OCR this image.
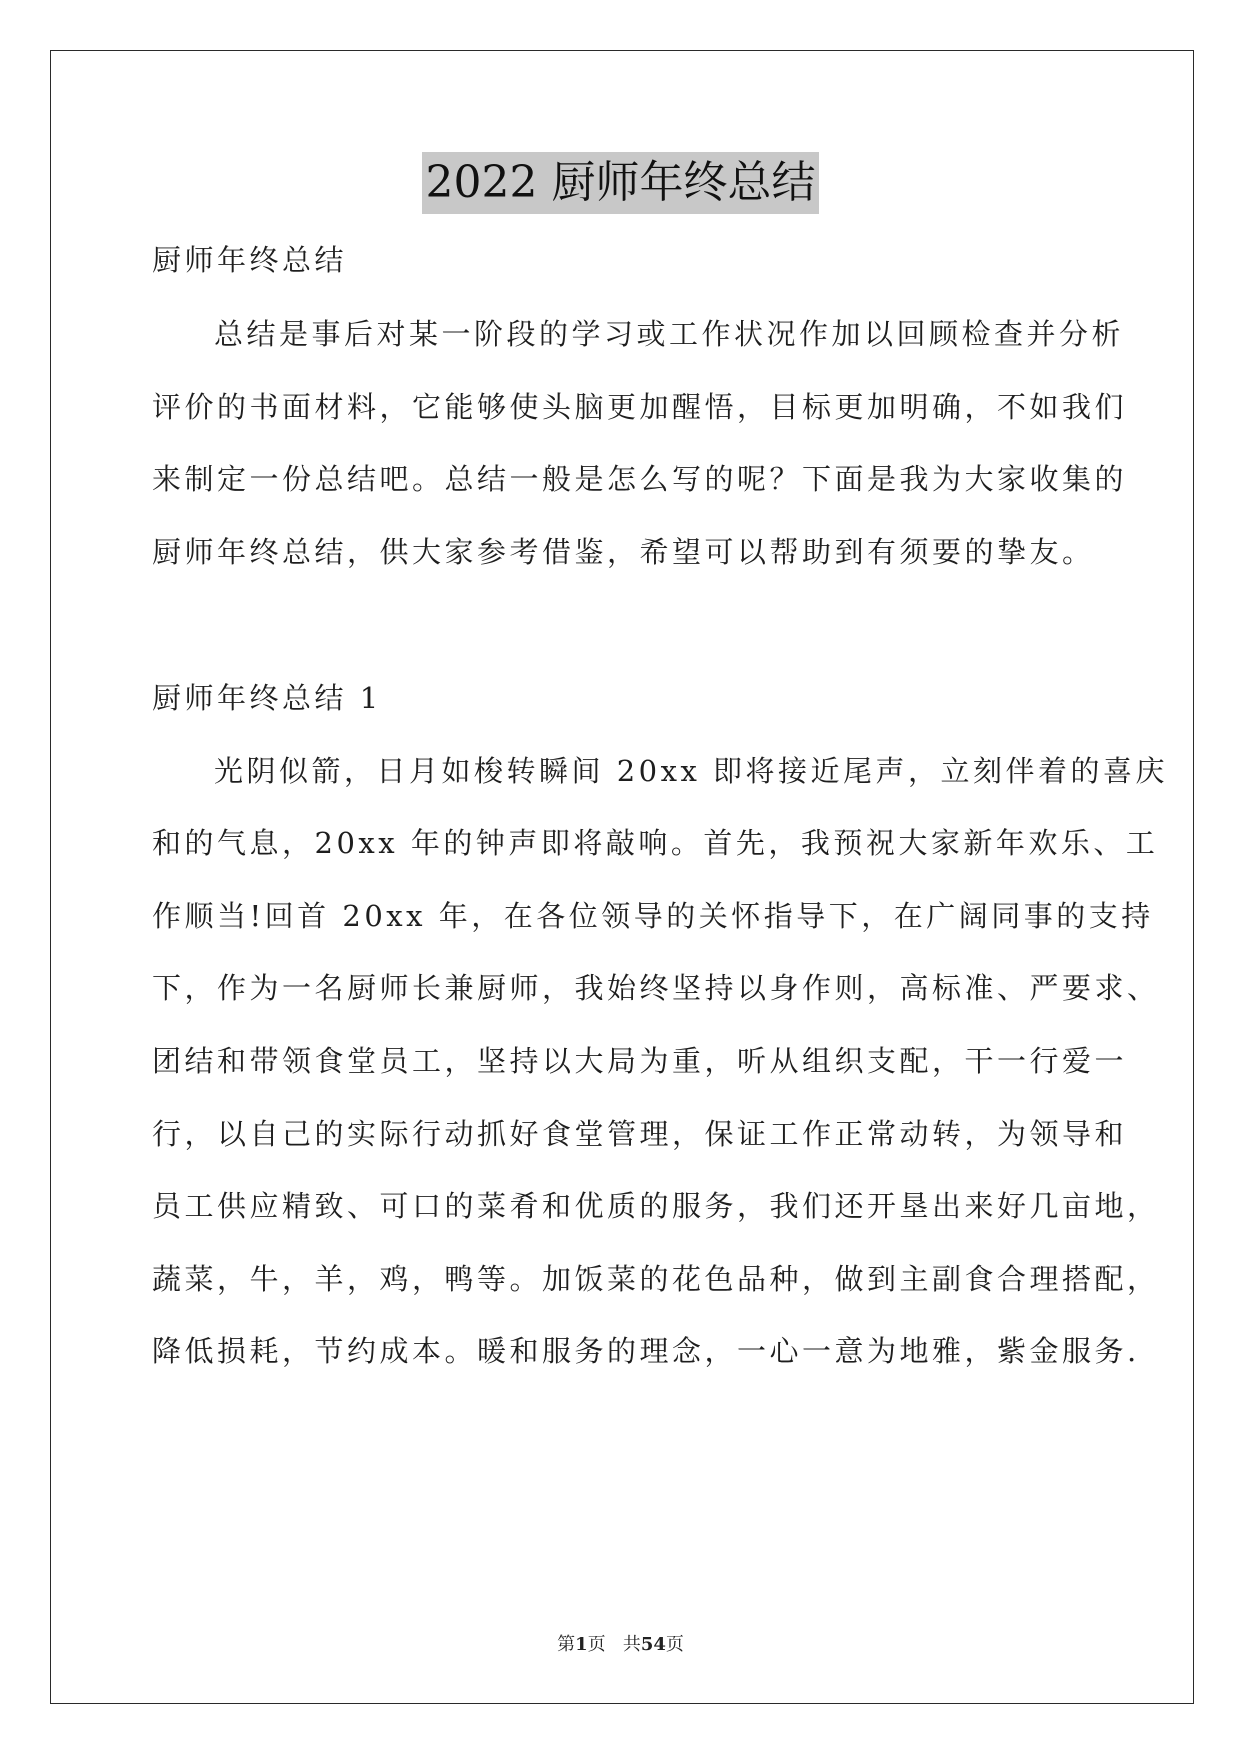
2022 厨师年终总结
厨师年终总结
总结是事后对某一阶段的学习或工作状况作加以回顾检查并分析
评价的书面材料，它能够使头脑更加醒悟，目标更加明确，不如我们
来制定一份总结吧。总结一般是怎么写的呢？下面是我为大家收集的
厨师年终总结，供大家参考借鉴，希望可以帮助到有须要的挚友。
厨师年终总结 1
光阴似箭，日月如梭转瞬间 20xx 即将接近尾声，立刻伴着的喜庆
和的气息，20xx 年的钟声即将敲响。首先，我预祝大家新年欢乐、工
作顺当!回首 20xx 年，在各位领导的关怀指导下，在广阔同事的支持
下，作为一名厨师长兼厨师，我始终坚持以身作则，高标准、严要求、
团结和带领食堂员工，坚持以大局为重，听从组织支配，干一行爱一
行，以自己的实际行动抓好食堂管理，保证工作正常动转，为领导和
员工供应精致、可口的菜肴和优质的服务，我们还开垦出来好几亩地，
蔬菜，牛，羊，鸡，鸭等。加饭菜的花色品种，做到主副食合理搭配，
降低损耗，节约成本。暖和服务的理念，一心一意为地雅，紫金服务.
第1页 共54页
